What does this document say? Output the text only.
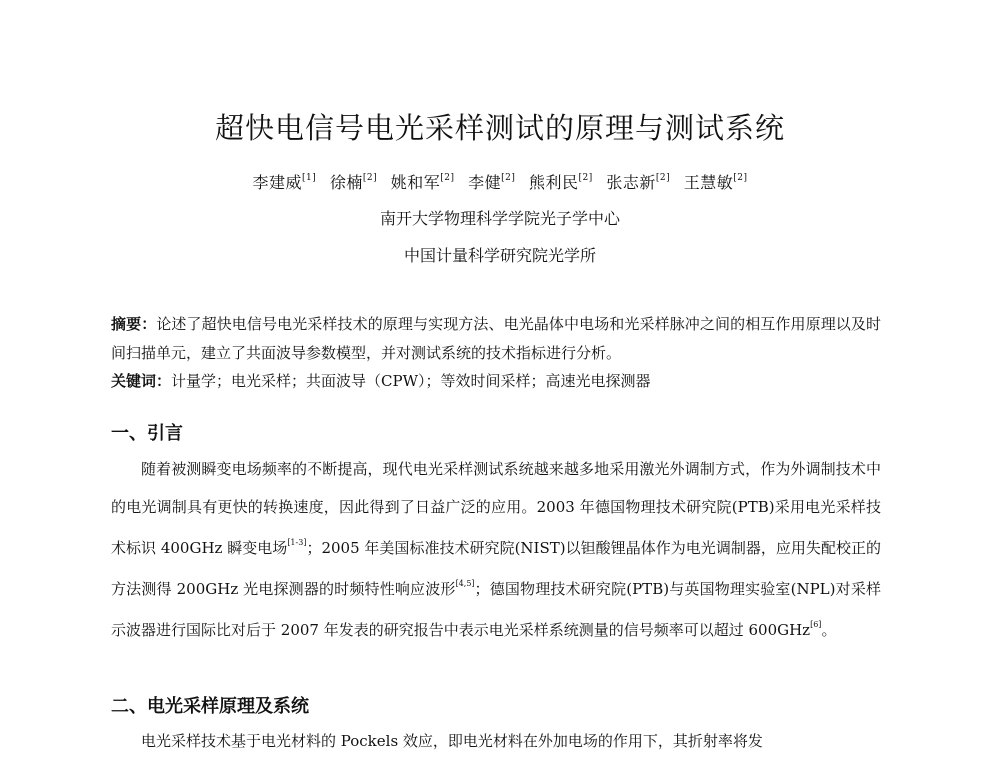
超快电信号电光采样测试的原理与测试系统
李建威[1] 徐楠[2] 姚和军[2] 李健[2] 熊利民[2] 张志新[2] 王慧敏[2]
南开大学物理科学学院光子学中心
中国计量科学研究院光学所
摘要：论述了超快电信号电光采样技术的原理与实现方法、电光晶体中电场和光采样脉冲之间的相互作用原理以及时间扫描单元，建立了共面波导参数模型，并对测试系统的技术指标进行分析。
关键词：计量学；电光采样；共面波导（CPW）；等效时间采样；高速光电探测器
一、引言
随着被测瞬变电场频率的不断提高，现代电光采样测试系统越来越多地采用激光外调制方式，作为外调制技术中的电光调制具有更快的转换速度，因此得到了日益广泛的应用。2003 年德国物理技术研究院(PTB)采用电光采样技术标识 400GHz 瞬变电场[1-3]；2005 年美国标准技术研究院(NIST)以钽酸锂晶体作为电光调制器，应用失配校正的方法测得 200GHz 光电探测器的时频特性响应波形[4,5]；德国物理技术研究院(PTB)与英国物理实验室(NPL)对采样示波器进行国际比对后于 2007 年发表的研究报告中表示电光采样系统测量的信号频率可以超过 600GHz[6]。
二、电光采样原理及系统
电光采样技术基于电光材料的 Pockels 效应，即电光材料在外加电场的作用下，其折射率将发
